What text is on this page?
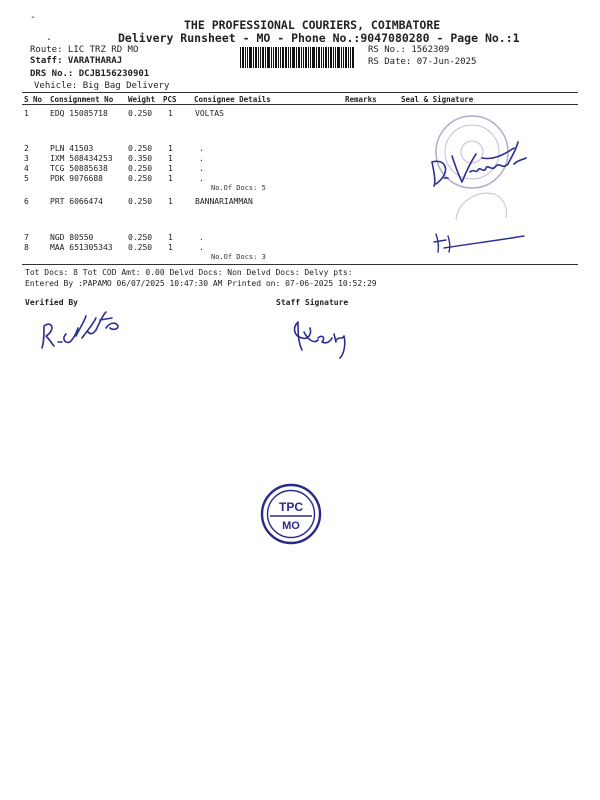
-
.
THE PROFESSIONAL COURIERS, COIMBATORE
Delivery Runsheet - MO - Phone No.:9047080280 - Page No.:1
Route: LIC TRZ RD MO
Staff: VARATHARAJ
DRS No.: DCJB156230901
Vehicle: Big Bag Delivery
RS No.: 1562309
RS Date: 07-Jun-2025
S No Consignment No Weight PCS Consignee Details	Remarks	Seal & Signature
1	EDQ 15085718	0.250 1	VOLTAS
2	PLN 41503	0.250 1	.
3	IXM 508434253 0.350 1	.
4	TCG 50885638	0.250 1	.
5	PDK 9076688	0.250 1	.
No.Of Docs: 5
6	PRT 6066474	0.250 1	BANNARIAMMAN
7	NGD 80550	0.250 1	.
8	MAA 651305343 0.250 1	.
No.Of Docs: 3
Tot Docs: 8 Tot COD Amt: 0.00 Delvd Docs: Non Delvd Docs: Delvy pts:
Entered By :PAPAMO 06/07/2025 10:47:30 AM Printed on: 07-06-2025 10:52:29
Verified By	Staff Signature
TPC
MO
